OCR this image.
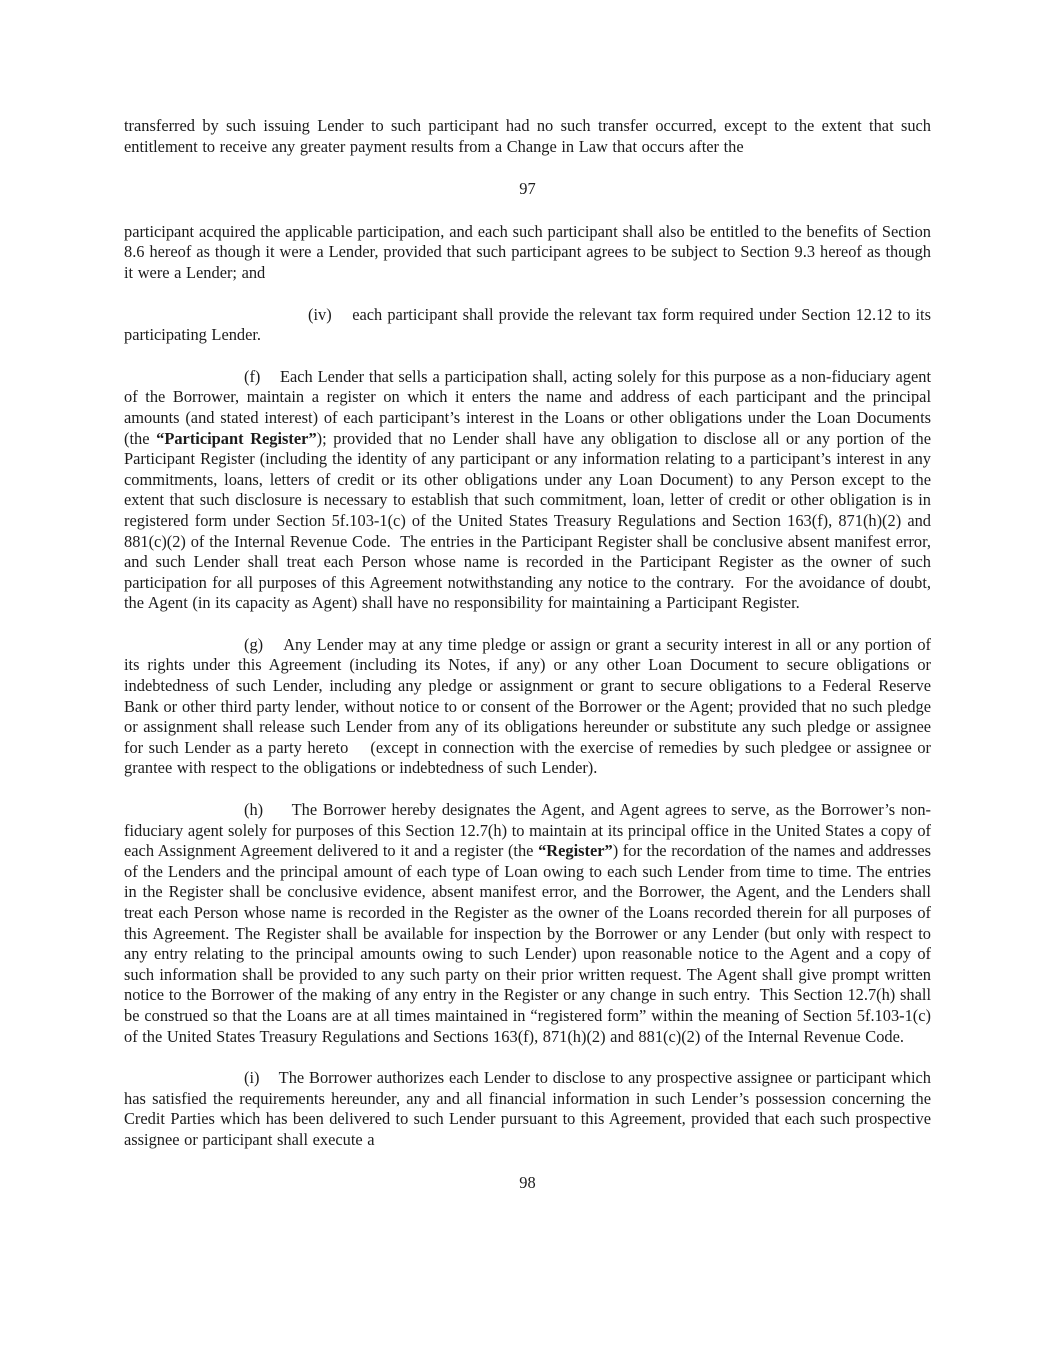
transferred by such issuing Lender to such participant had no such transfer occurred, except to the extent that such entitlement to receive any greater payment results from a Change in Law that occurs after the

97

participant acquired the applicable participation, and each such participant shall also be entitled to the benefits of Section 8.6 hereof as though it were a Lender, provided that such participant agrees to be subject to Section 9.3 hereof as though it were a Lender; and

(iv)    each participant shall provide the relevant tax form required under Section 12.12 to its participating Lender.

(f)    Each Lender that sells a participation shall, acting solely for this purpose as a non-fiduciary agent of the Borrower, maintain a register on which it enters the name and address of each participant and the principal amounts (and stated interest) of each participant’s interest in the Loans or other obligations under the Loan Documents (the “Participant Register”); provided that no Lender shall have any obligation to disclose all or any portion of the Participant Register (including the identity of any participant or any information relating to a participant’s interest in any commitments, loans, letters of credit or its other obligations under any Loan Document) to any Person except to the extent that such disclosure is necessary to establish that such commitment, loan, letter of credit or other obligation is in registered form under Section 5f.103-1(c) of the United States Treasury Regulations and Section 163(f), 871(h)(2) and 881(c)(2) of the Internal Revenue Code.  The entries in the Participant Register shall be conclusive absent manifest error, and such Lender shall treat each Person whose name is recorded in the Participant Register as the owner of such participation for all purposes of this Agreement notwithstanding any notice to the contrary.  For the avoidance of doubt, the Agent (in its capacity as Agent) shall have no responsibility for maintaining a Participant Register.

(g)    Any Lender may at any time pledge or assign or grant a security interest in all or any portion of its rights under this Agreement (including its Notes, if any) or any other Loan Document to secure obligations or indebtedness of such Lender, including any pledge or assignment or grant to secure obligations to a Federal Reserve Bank or other third party lender, without notice to or consent of the Borrower or the Agent; provided that no such pledge or assignment shall release such Lender from any of its obligations hereunder or substitute any such pledge or assignee for such Lender as a party hereto    (except in connection with the exercise of remedies by such pledgee or assignee or grantee with respect to the obligations or indebtedness of such Lender).

(h)     The Borrower hereby designates the Agent, and Agent agrees to serve, as the Borrower’s non-fiduciary agent solely for purposes of this Section 12.7(h) to maintain at its principal office in the United States a copy of each Assignment Agreement delivered to it and a register (the “Register”) for the recordation of the names and addresses of the Lenders and the principal amount of each type of Loan owing to each such Lender from time to time. The entries in the Register shall be conclusive evidence, absent manifest error, and the Borrower, the Agent, and the Lenders shall treat each Person whose name is recorded in the Register as the owner of the Loans recorded therein for all purposes of this Agreement. The Register shall be available for inspection by the Borrower or any Lender (but only with respect to any entry relating to the principal amounts owing to such Lender) upon reasonable notice to the Agent and a copy of such information shall be provided to any such party on their prior written request. The Agent shall give prompt written notice to the Borrower of the making of any entry in the Register or any change in such entry.  This Section 12.7(h) shall be construed so that the Loans are at all times maintained in “registered form” within the meaning of Section 5f.103-1(c) of the United States Treasury Regulations and Sections 163(f), 871(h)(2) and 881(c)(2) of the Internal Revenue Code.

(i)    The Borrower authorizes each Lender to disclose to any prospective assignee or participant which has satisfied the requirements hereunder, any and all financial information in such Lender’s possession concerning the Credit Parties which has been delivered to such Lender pursuant to this Agreement, provided that each such prospective assignee or participant shall execute a

98
